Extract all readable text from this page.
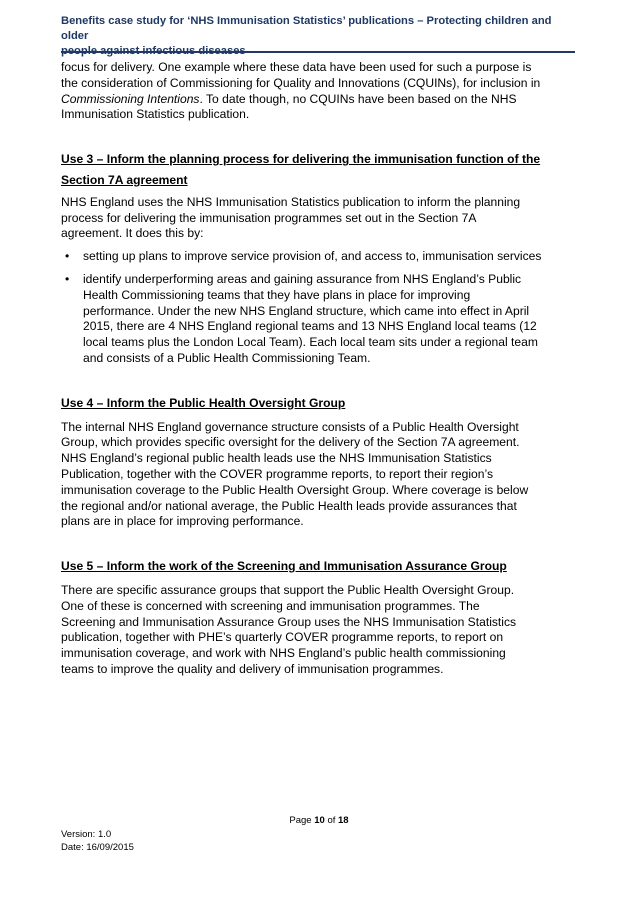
Benefits case study for ‘NHS Immunisation Statistics’ publications – Protecting children and older

focus for delivery. One example where these data have been used for such a purpose is

the consideration of Commissioning for Quality and Innovations (CQUINs), for inclusion in

Commissioning Intentions. To date though, no CQUINs have been based on the NHS

Immunisation Statistics publication.

Use 3 – Inform the planning process for delivering the immunisation function of the

Section 7A agreement

NHS England uses the NHS Immunisation Statistics publication to inform the planning

process for delivering the immunisation programmes set out in the Section 7A

agreement. It does this by:

• setting up plans to improve service provision of, and access to, immunisation services
• identify underperforming areas and gaining assurance from NHS England’s Public
Health Commissioning teams that they have plans in place for improving
performance. Under the new NHS England structure, which came into effect in April
2015, there are 4 NHS England regional teams and 13 NHS England local teams (12
local teams plus the London Local Team). Each local team sits under a regional team
and consists of a Public Health Commissioning Team.

Use 4 – Inform the Public Health Oversight Group

The internal NHS England governance structure consists of a Public Health Oversight

Group, which provides specific oversight for the delivery of the Section 7A agreement.

NHS England’s regional public health leads use the NHS Immunisation Statistics

Publication, together with the COVER programme reports, to report their region’s

immunisation coverage to the Public Health Oversight Group. Where coverage is below

the regional and/or national average, the Public Health leads provide assurances that

plans are in place for improving performance.

Use 5 – Inform the work of the Screening and Immunisation Assurance Group

There are specific assurance groups that support the Public Health Oversight Group.

One of these is concerned with screening and immunisation programmes. The

Screening and Immunisation Assurance Group uses the NHS Immunisation Statistics

publication, together with PHE’s quarterly COVER programme reports, to report on

immunisation coverage, and work with NHS England’s public health commissioning

teams to improve the quality and delivery of immunisation programmes.

Page 10 of 18
Version: 1.0
Date: 16/09/2015
